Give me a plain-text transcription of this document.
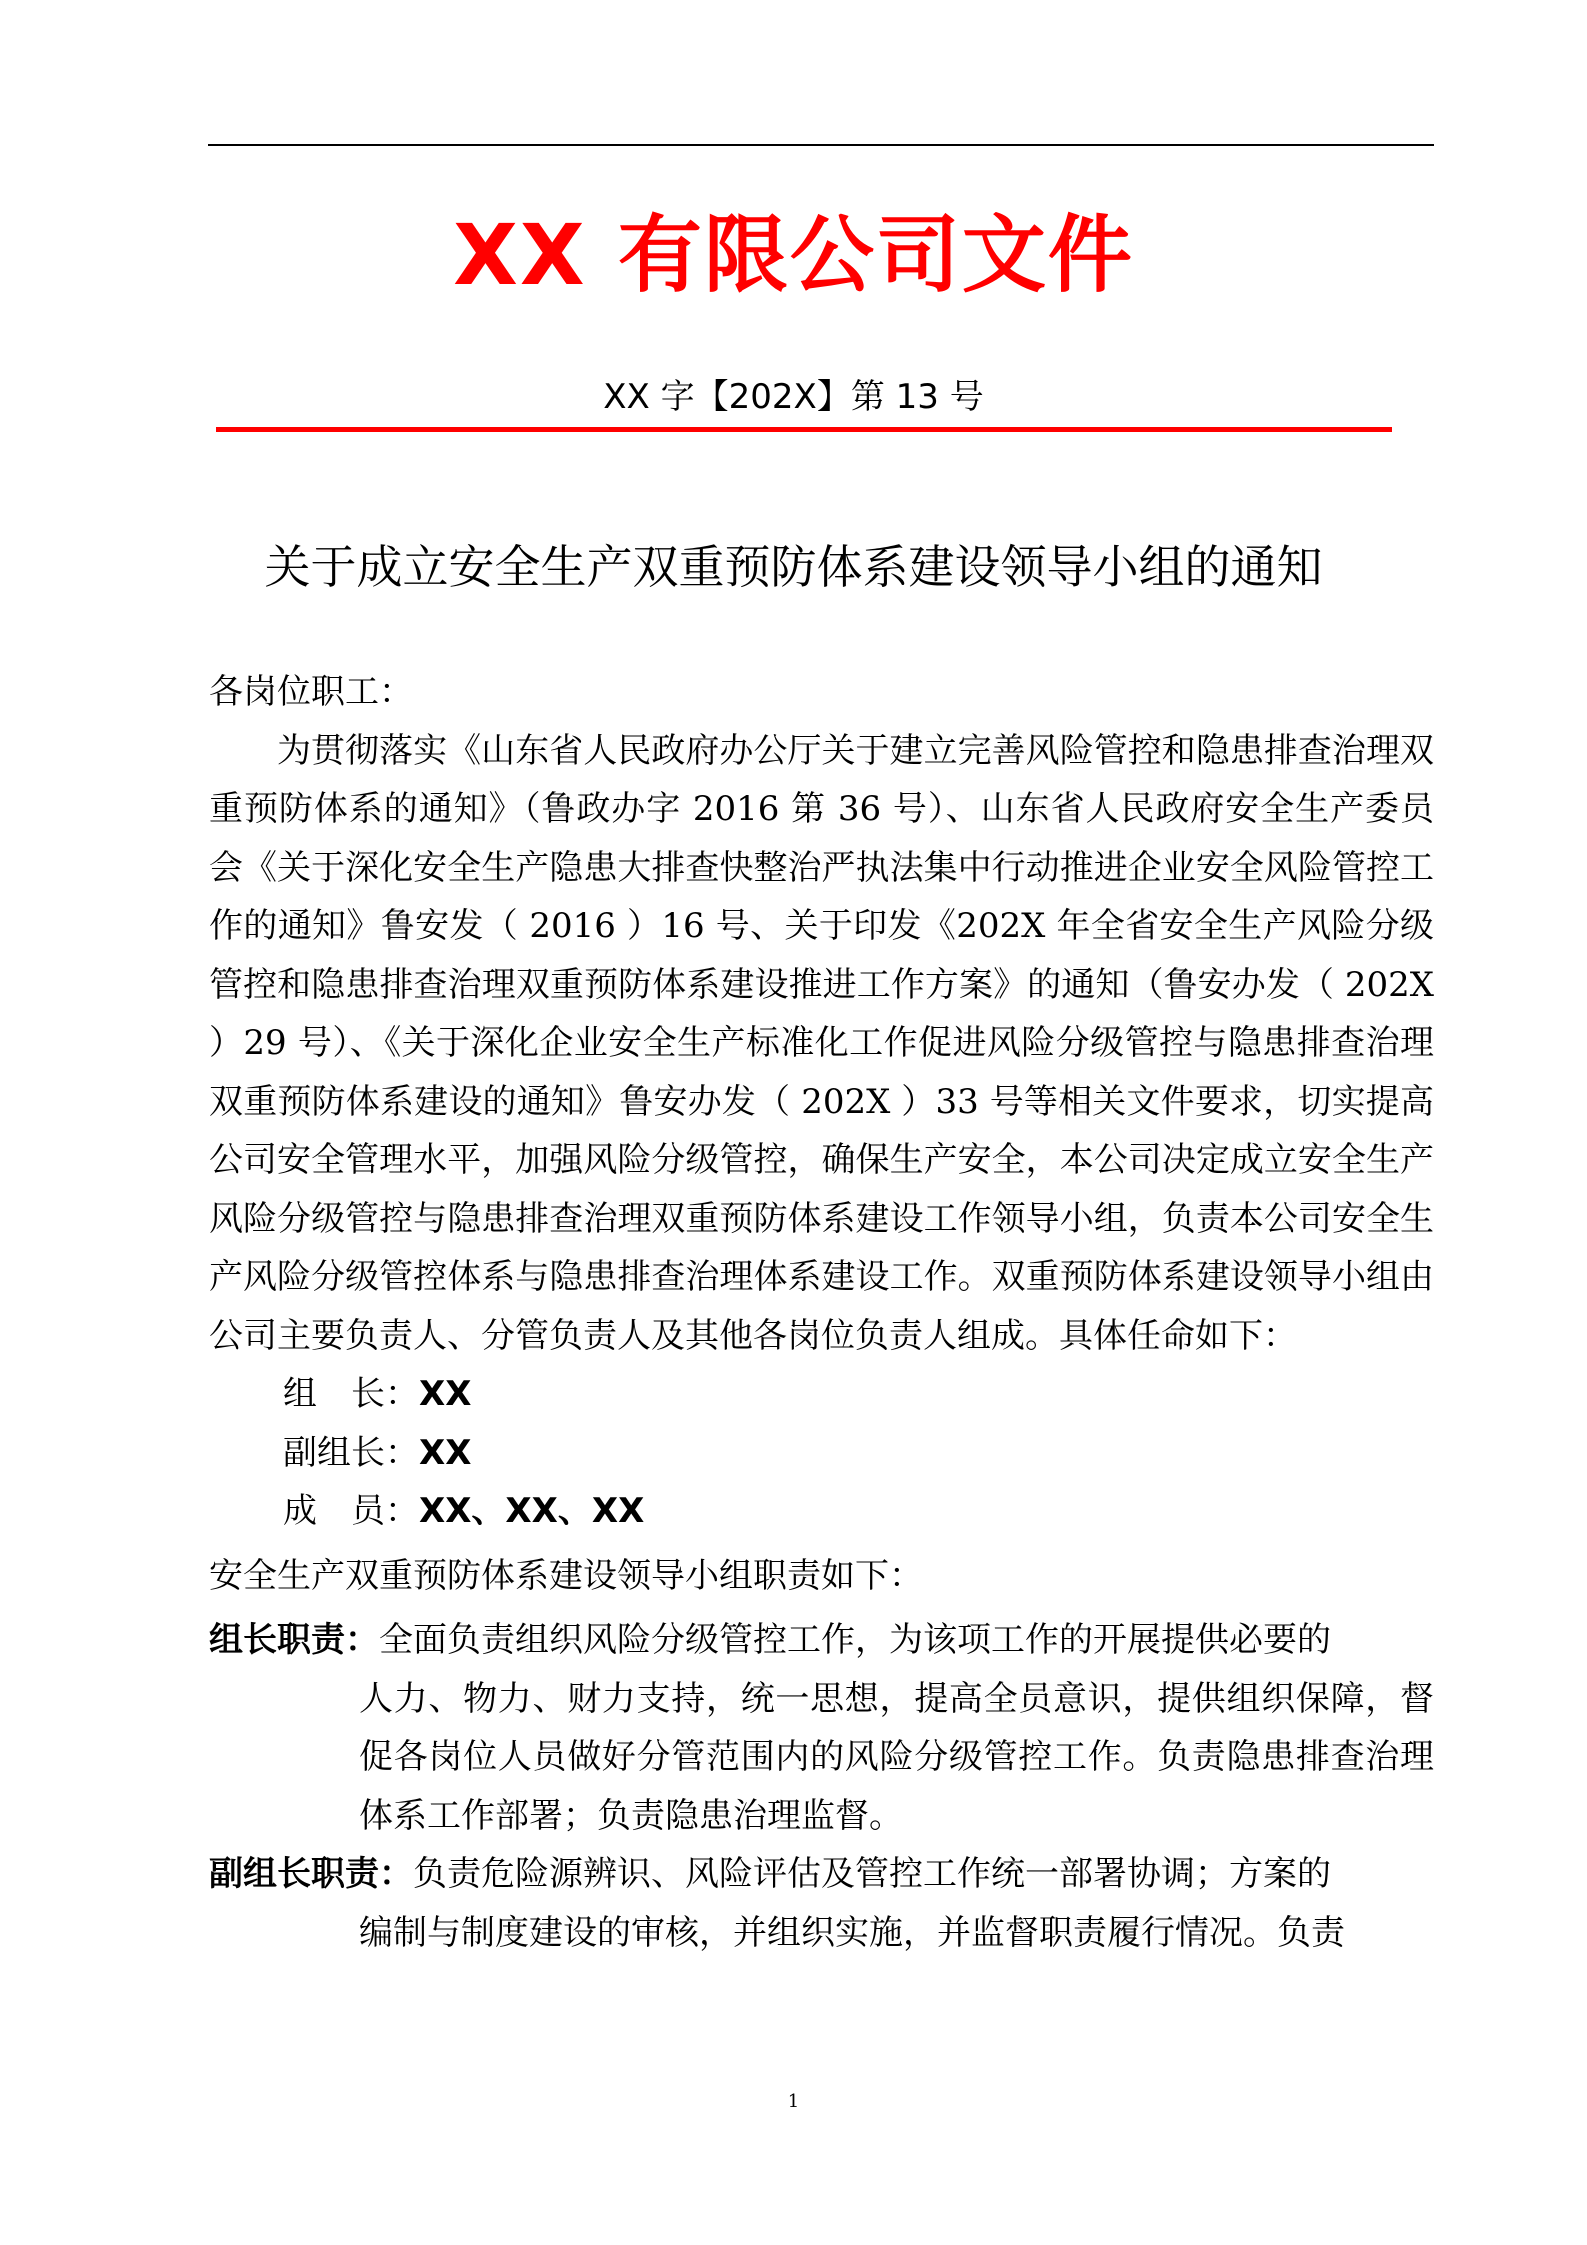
XX 有限公司文件
XX 字【202X】第 13 号
关于成立安全生产双重预防体系建设领导小组的通知

各岗位职工：

为贯彻落实《山东省人民政府办公厅关于建立完善风险管控和隐患排查治理双重预防体系的通知》（鲁政办字 2016 第 36 号）、山东省人民政府安全生产委员会《关于深化安全生产隐患大排查快整治严执法集中行动推进企业安全风险管控工作的通知》鲁安发（ 2016 ）16 号、关于印发《202X 年全省安全生产风险分级管控和隐患排查治理双重预防体系建设推进工作方案》的通知（鲁安办发（ 202X ）29 号）、《关于深化企业安全生产标准化工作促进风险分级管控与隐患排查治理双重预防体系建设的通知》鲁安办发（ 202X ）33 号等相关文件要求，切实提高公司安全管理水平，加强风险分级管控，确保生产安全，本公司决定成立安全生产风险分级管控与隐患排查治理双重预防体系建设工作领导小组，负责本公司安全生产风险分级管控体系与隐患排查治理体系建设工作。双重预防体系建设领导小组由公司主要负责人、分管负责人及其他各岗位负责人组成。具体任命如下：

组　长：XX

副组长：XX

成　员：XX、XX、XX

安全生产双重预防体系建设领导小组职责如下：

组长职责： 全面负责组织风险分级管控工作，为该项工作的开展提供必要的
人力、物力、财力支持，统一思想，提高全员意识，提供组织保障，督促各岗位人员做好分管范围内的风险分级管控工作。负责隐患排查治理体系工作部署；负责隐患治理监督。
副组长职责： 负责危险源辨识、风险评估及管控工作统一部署协调；方案的
编制与制度建设的审核，并组织实施，并监督职责履行情况。负责
1
